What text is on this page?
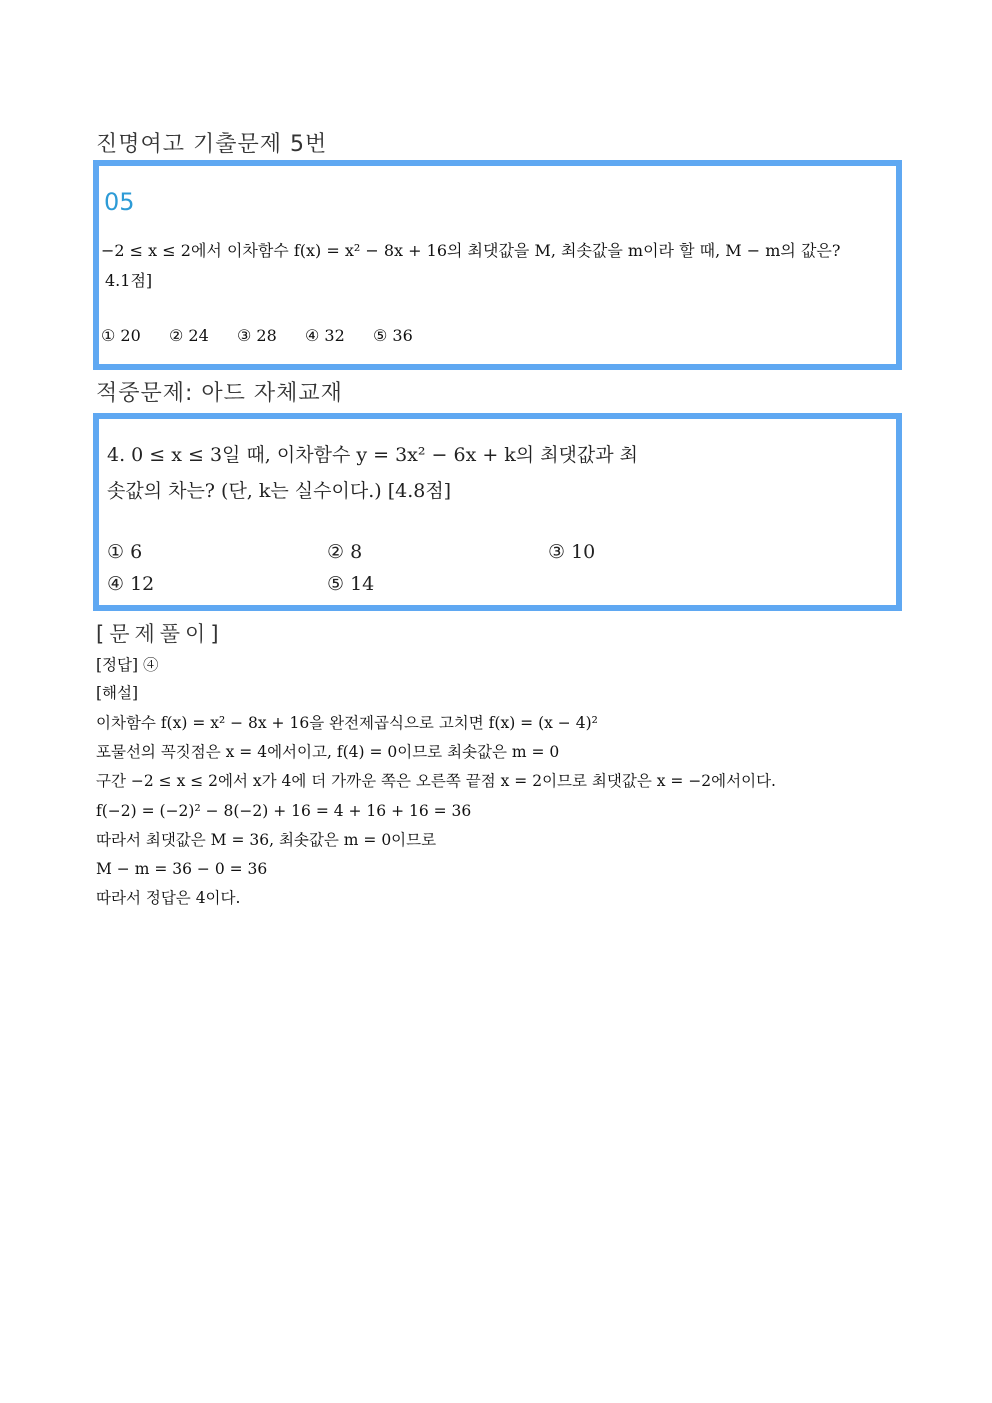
진명여고 기출문제 5번
05
−2 ≤ x ≤ 2에서 이차함수 f(x) = x² − 8x + 16의 최댓값을 M, 최솟값을 m이라 할 때, M − m의 값은?
4.1점]
① 20 ② 24 ③ 28 ④ 32 ⑤ 36
적중문제: 아드 자체교재
4. 0 ≤ x ≤ 3일 때, 이차함수 y = 3x² − 6x + k의 최댓값과 최
솟값의 차는? (단, k는 실수이다.) [4.8점]
① 6	② 8	③ 10
④ 12	⑤ 14
[문제풀이]
[정답] ④
[해설]
이차함수 f(x) = x² − 8x + 16을 완전제곱식으로 고치면 f(x) = (x − 4)²
포물선의 꼭짓점은 x = 4에서이고, f(4) = 0이므로 최솟값은 m = 0
구간 −2 ≤ x ≤ 2에서 x가 4에 더 가까운 쪽은 오른쪽 끝점 x = 2이므로 최댓값은 x = −2에서이다.
f(−2) = (−2)² − 8(−2) + 16 = 4 + 16 + 16 = 36
따라서 최댓값은 M = 36, 최솟값은 m = 0이므로
M − m = 36 − 0 = 36
따라서 정답은 4이다.
